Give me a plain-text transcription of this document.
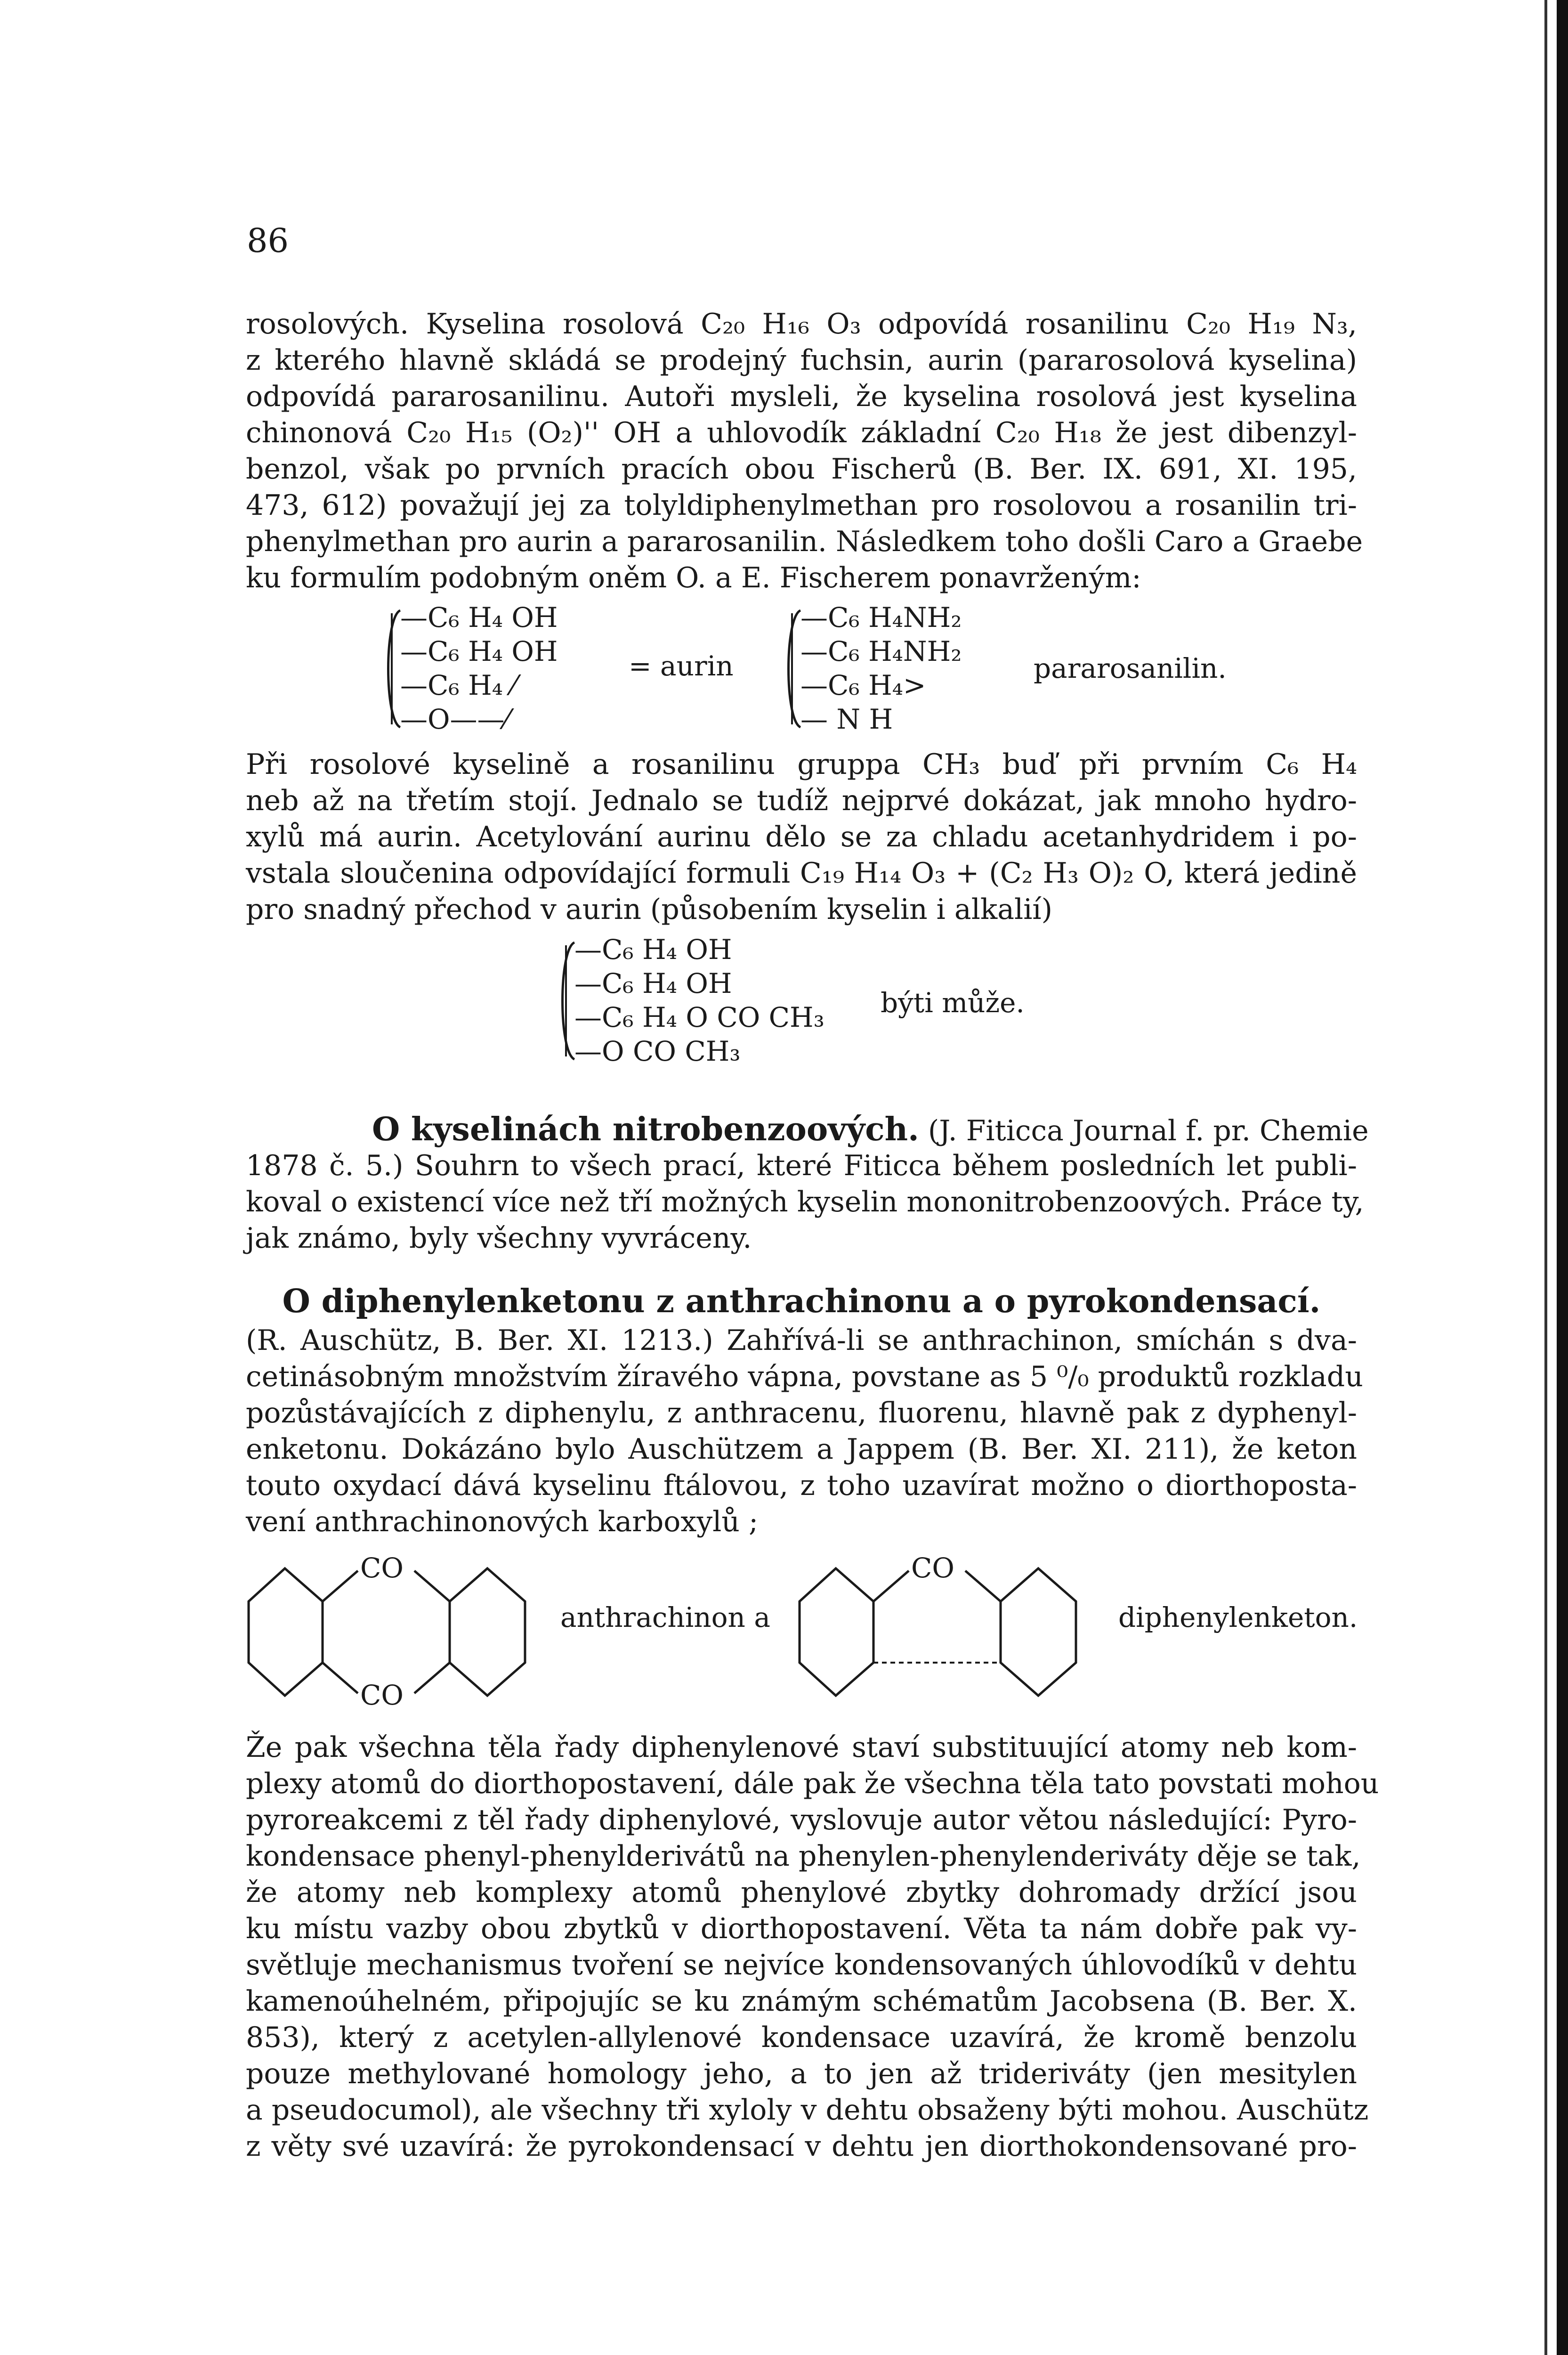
86
rosolových. Kyselina rosolová C₂₀ H₁₆ O₃ odpovídá rosanilinu C₂₀ H₁₉ N₃,
z kterého hlavně skládá se prodejný fuchsin, aurin (pararosolová kyselina)
odpovídá pararosanilinu. Autoři mysleli, že kyselina rosolová jest kyselina
chinonová C₂₀ H₁₅ (O₂)'' OH a uhlovodík základní C₂₀ H₁₈ že jest dibenzyl-
benzol, však po prvních pracích obou Fischerů (B. Ber. IX. 691, XI. 195,
473, 612) považují jej za tolyldiphenylmethan pro rosolovou a rosanilin tri-
phenylmethan pro aurin a pararosanilin. Následkem toho došli Caro a Graebe
ku formulím podobným oněm O. a E. Fischerem ponavrženým:
—C₆ H₄ OH
—C₆ H₄ OH
—C₆ H₄ ⁄
—O——⁄
= aurin
—C₆ H₄NH₂
—C₆ H₄NH₂
—C₆ H₄>
— N H
pararosanilin.
Při rosolové kyselině a rosanilinu gruppa CH₃ buď při prvním C₆ H₄
neb až na třetím stojí. Jednalo se tudíž nejprvé dokázat, jak mnoho hydro-
xylů má aurin. Acetylování aurinu dělo se za chladu acetanhydridem i po-
vstala sloučenina odpovídající formuli C₁₉ H₁₄ O₃ + (C₂ H₃ O)₂ O, která jedině
pro snadný přechod v aurin (působením kyselin i alkalií)
—C₆ H₄ OH
—C₆ H₄ OH
—C₆ H₄ O CO CH₃
—O CO CH₃
býti může.
O kyselinách nitrobenzoových. (J. Fiticca Journal f. pr. Chemie
1878 č. 5.) Souhrn to všech prací, které Fiticca během posledních let publi-
koval o existencí více než tří možných kyselin mononitrobenzoových. Práce ty,
jak známo, byly všechny vyvráceny.
O diphenylenketonu z anthrachinonu a o pyrokondensací.
(R. Auschütz, B. Ber. XI. 1213.) Zahřívá-li se anthrachinon, smíchán s dva-
cetinásobným množstvím žíravého vápna, povstane as 5 ⁰/₀ produktů rozkladu
pozůstávajících z diphenylu, z anthracenu, fluorenu, hlavně pak z dyphenyl-
enketonu. Dokázáno bylo Auschützem a Jappem (B. Ber. XI. 211), že keton
touto oxydací dává kyselinu ftálovou, z toho uzavírat možno o diorthoposta-
vení anthrachinonových karboxylů ;
CO
CO
anthrachinon a
CO
diphenylenketon.
Že pak všechna těla řady diphenylenové staví substituující atomy neb kom-
plexy atomů do diorthopostavení, dále pak že všechna těla tato povstati mohou
pyroreakcemi z těl řady diphenylové, vyslovuje autor větou následující: Pyro-
kondensace phenyl-phenylderivátů na phenylen-phenylenderiváty děje se tak,
že atomy neb komplexy atomů phenylové zbytky dohromady držící jsou
ku místu vazby obou zbytků v diorthopostavení. Věta ta nám dobře pak vy-
světluje mechanismus tvoření se nejvíce kondensovaných úhlovodíků v dehtu
kamenoúhelném, připojujíc se ku známým schématům Jacobsena (B. Ber. X.
853), který z acetylen-allylenové kondensace uzavírá, že kromě benzolu
pouze methylované homology jeho, a to jen až trideriváty (jen mesitylen
a pseudocumol), ale všechny tři xyloly v dehtu obsaženy býti mohou. Auschütz
z věty své uzavírá: že pyrokondensací v dehtu jen diorthokondensované pro-
